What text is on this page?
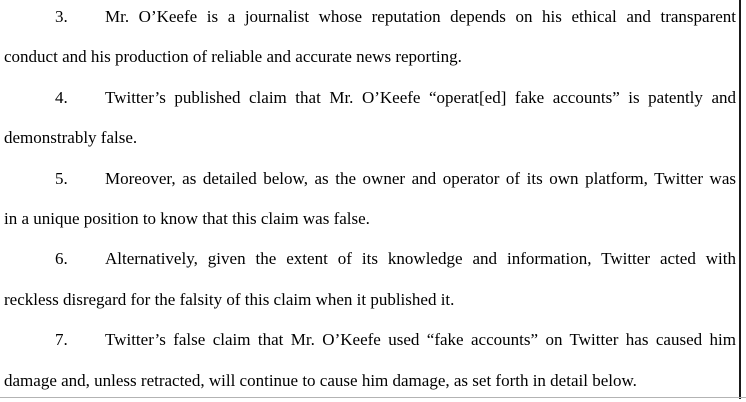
3. Mr. O’Keefe is a journalist whose reputation depends on his ethical and transparent
conduct and his production of reliable and accurate news reporting.
4. Twitter’s published claim that Mr. O’Keefe “operat[ed] fake accounts” is patently and
demonstrably false.
5. Moreover, as detailed below, as the owner and operator of its own platform, Twitter was
in a unique position to know that this claim was false.
6. Alternatively, given the extent of its knowledge and information, Twitter acted with
reckless disregard for the falsity of this claim when it published it.
7. Twitter’s false claim that Mr. O’Keefe used “fake accounts” on Twitter has caused him
damage and, unless retracted, will continue to cause him damage, as set forth in detail below.
